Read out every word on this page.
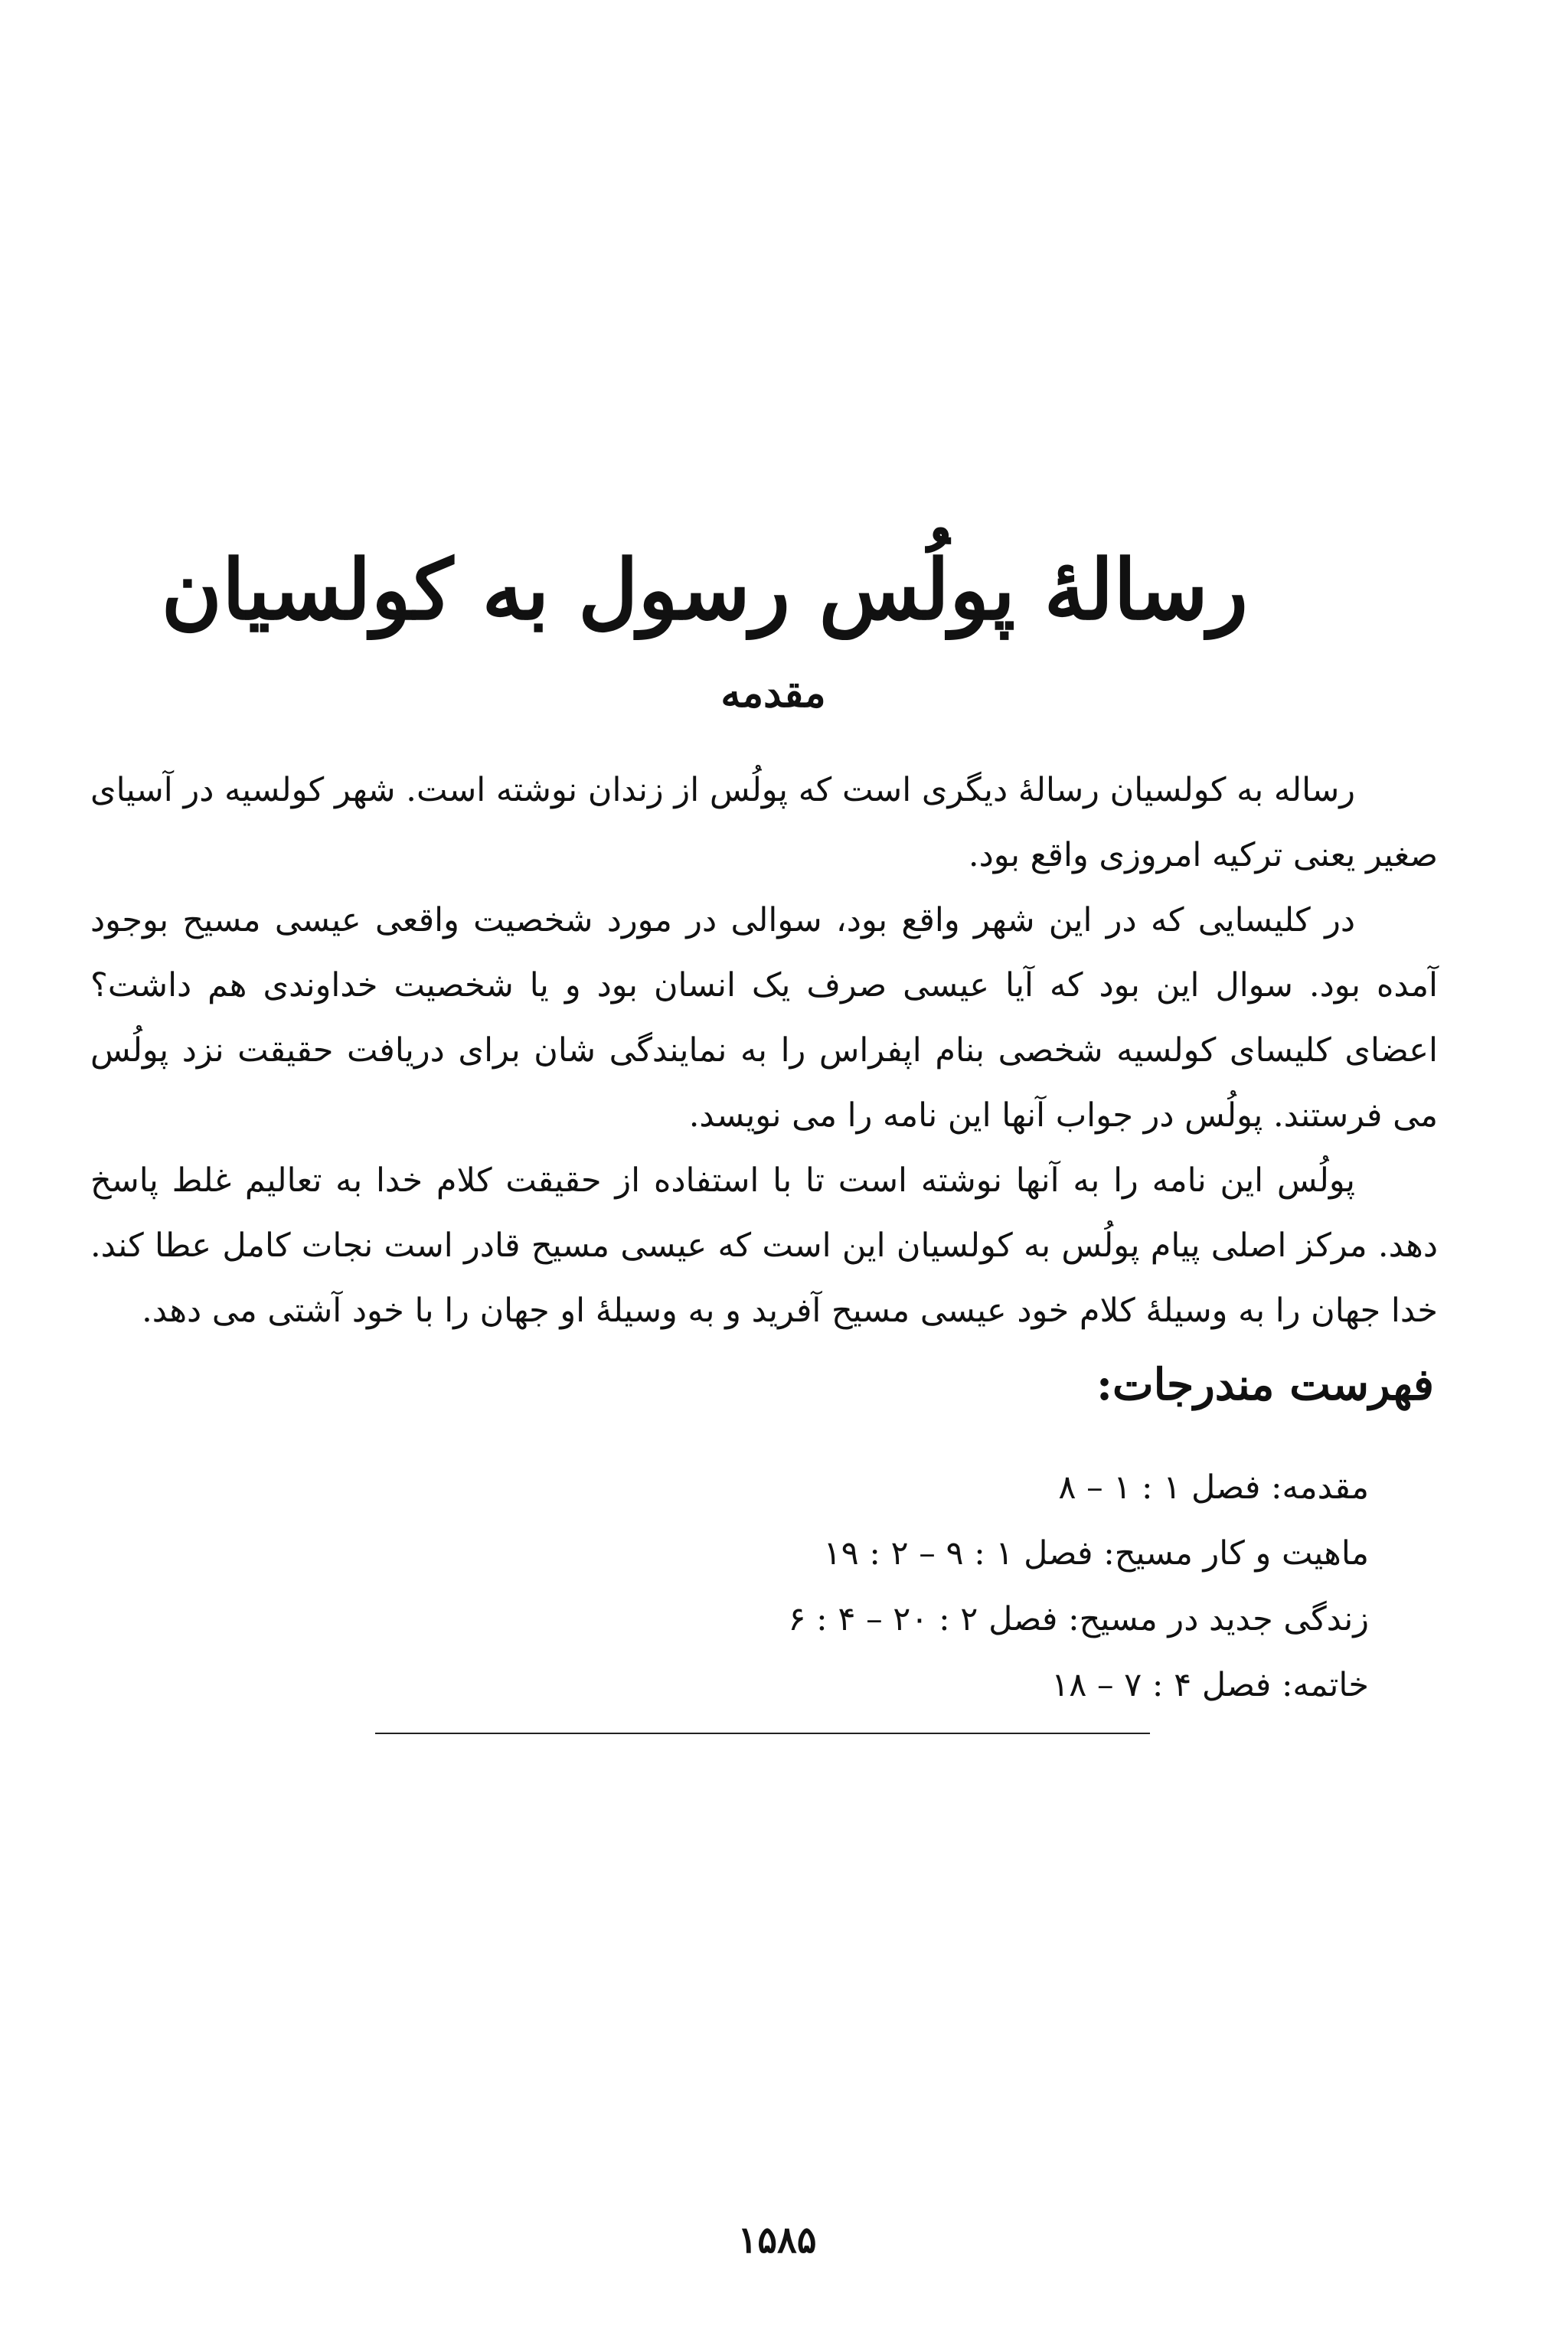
رسالهٔ پولُس رسول به کولسیان
مقدمه

رساله به کولسیان رسالهٔ دیگری است که پولُس از زندان نوشته است. شهر کولسیه در آسیای صغیر یعنی ترکیه امروزی واقع بود.

در کلیسایی که در این شهر واقع بود، سوالی در مورد شخصیت واقعی عیسی مسیح بوجود آمده بود. سوال این بود که آیا عیسی صرف یک انسان بود و یا شخصیت خداوندی هم داشت؟ اعضای کلیسای کولسیه شخصی بنام اپفراس را به نمایندگی شان برای دریافت حقیقت نزد پولُس می فرستند. پولُس در جواب آنها این نامه را می نویسد.

پولُس این نامه را به آنها نوشته است تا با استفاده از حقیقت کلام خدا به تعالیم غلط پاسخ دهد. مرکز اصلی پیام پولُس به کولسیان این است که عیسی مسیح قادر است نجات کامل عطا کند. خدا جهان را به وسیلهٔ کلام خود عیسی مسیح آفرید و به وسیلهٔ او جهان را با خود آشتی می دهد.

فهرست مندرجات:
مقدمه: فصل ۱ : ۱ – ۸
ماهیت و کار مسیح: فصل ۱ : ۹ – ۲ : ۱۹
زندگی جدید در مسیح: فصل ۲ : ۲۰ – ۴ : ۶
خاتمه: فصل ۴ : ۷ – ۱۸
۱۵۸۵
